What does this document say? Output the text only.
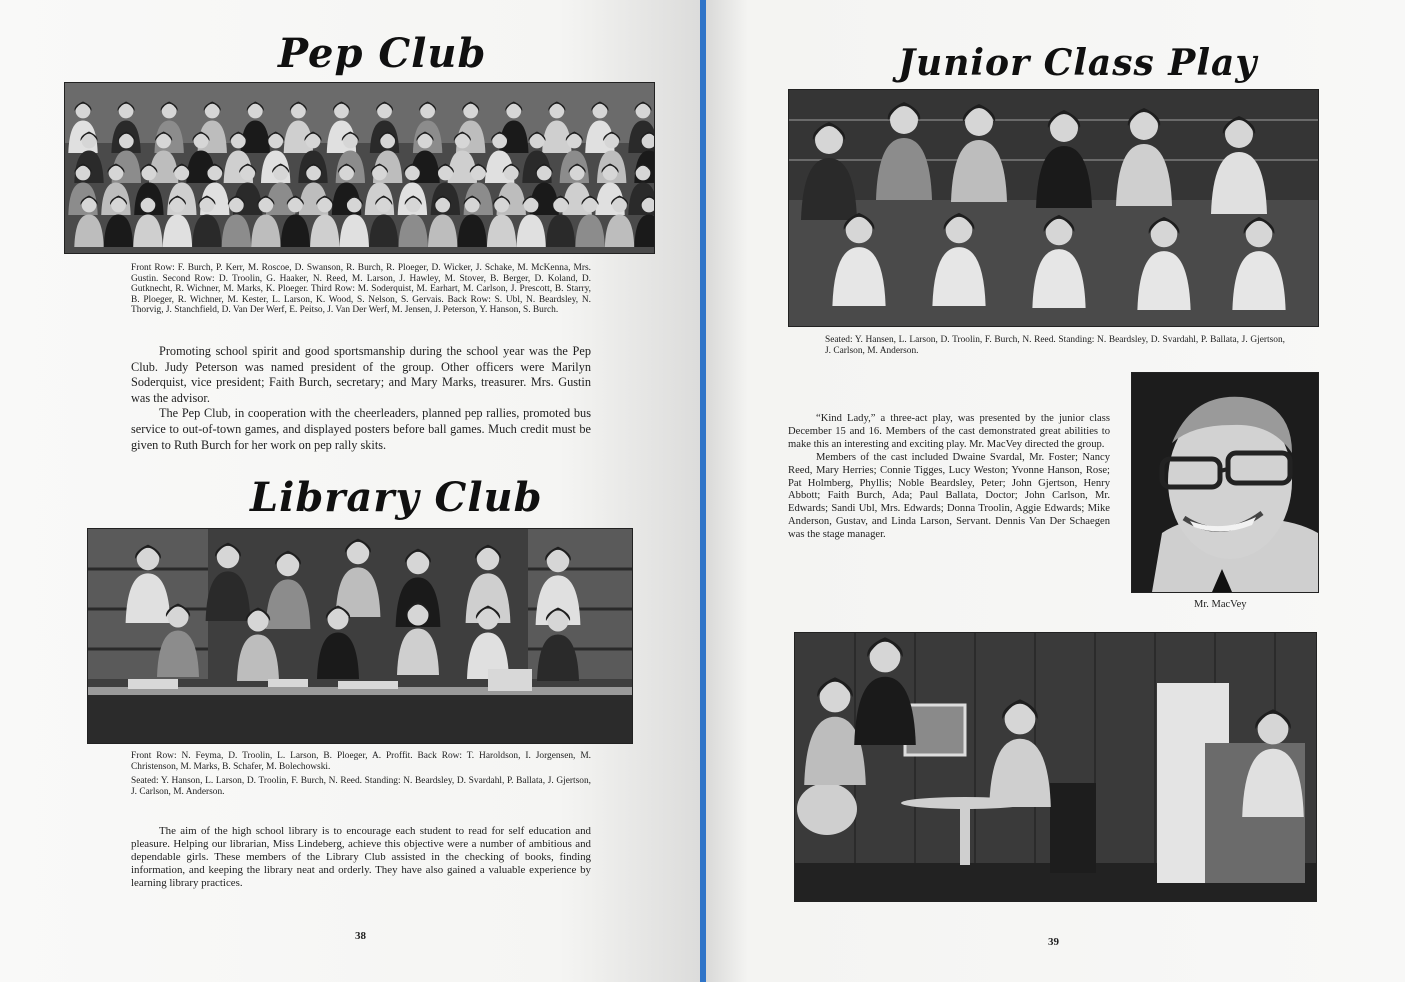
Pep Club
Front Row: F. Burch, P. Kerr, M. Roscoe, D. Swanson, R. Burch, R. Ploeger, D. Wicker, J. Schake, M. McKenna, Mrs. Gustin. Second Row: D. Troolin, G. Haaker, N. Reed, M. Larson, J. Hawley, M. Stover, B. Berger, D. Koland, D. Gutknecht, R. Wichner, M. Marks, K. Ploeger. Third Row: M. Soderquist, M. Earhart, M. Carlson, J. Prescott, B. Starry, B. Ploeger, R. Wichner, M. Kester, L. Larson, K. Wood, S. Nelson, S. Gervais. Back Row: S. Ubl, N. Beardsley, N. Thorvig, J. Stanchfield, D. Van Der Werf, E. Peitso, J. Van Der Werf, M. Jensen, J. Peterson, Y. Hanson, S. Burch.

Promoting school spirit and good sportsmanship during the school year was the Pep Club. Judy Peterson was named president of the group. Other officers were Marilyn Soderquist, vice president; Faith Burch, secretary; and Mary Marks, treasurer. Mrs. Gustin was the advisor.

The Pep Club, in cooperation with the cheerleaders, planned pep rallies, promoted bus service to out-of-town games, and displayed posters before ball games. Much credit must be given to Ruth Burch for her work on pep rally skits.

Library Club
Front Row: N. Feyma, D. Troolin, L. Larson, B. Ploeger, A. Proffit. Back Row: T. Haroldson, I. Jorgensen, M. Christenson, M. Marks, B. Schafer, M. Bolechowski.
Seated: Y. Hanson, L. Larson, D. Troolin, F. Burch, N. Reed. Standing: N. Beardsley, D. Svardahl, P. Ballata, J. Gjertson, J. Carlson, M. Anderson.

The aim of the high school library is to encourage each student to read for self education and pleasure. Helping our librarian, Miss Lindeberg, achieve this objective were a number of ambitious and dependable girls. These members of the Library Club assisted in the checking of books, finding information, and keeping the library neat and orderly. They have also gained a valuable experience by learning library practices.

38
Junior Class Play
Seated: Y. Hansen, L. Larson, D. Troolin, F. Burch, N. Reed. Standing: N. Beardsley, D. Svardahl, P. Ballata, J. Gjertson, J. Carlson, M. Anderson.

“Kind Lady,” a three-act play, was presented by the junior class December 15 and 16. Members of the cast demonstrated great abilities to make this an interesting and exciting play. Mr. MacVey directed the group.

Members of the cast included Dwaine Svardal, Mr. Foster; Nancy Reed, Mary Herries; Connie Tigges, Lucy Weston; Yvonne Hanson, Rose; Pat Holmberg, Phyllis; Noble Beardsley, Peter; John Gjertson, Henry Abbott; Faith Burch, Ada; Paul Ballata, Doctor; John Carlson, Mr. Edwards; Sandi Ubl, Mrs. Edwards; Donna Troolin, Aggie Edwards; Mike Anderson, Gustav, and Linda Larson, Servant. Dennis Van Der Schaegen was the stage manager.

Mr. MacVey
39
